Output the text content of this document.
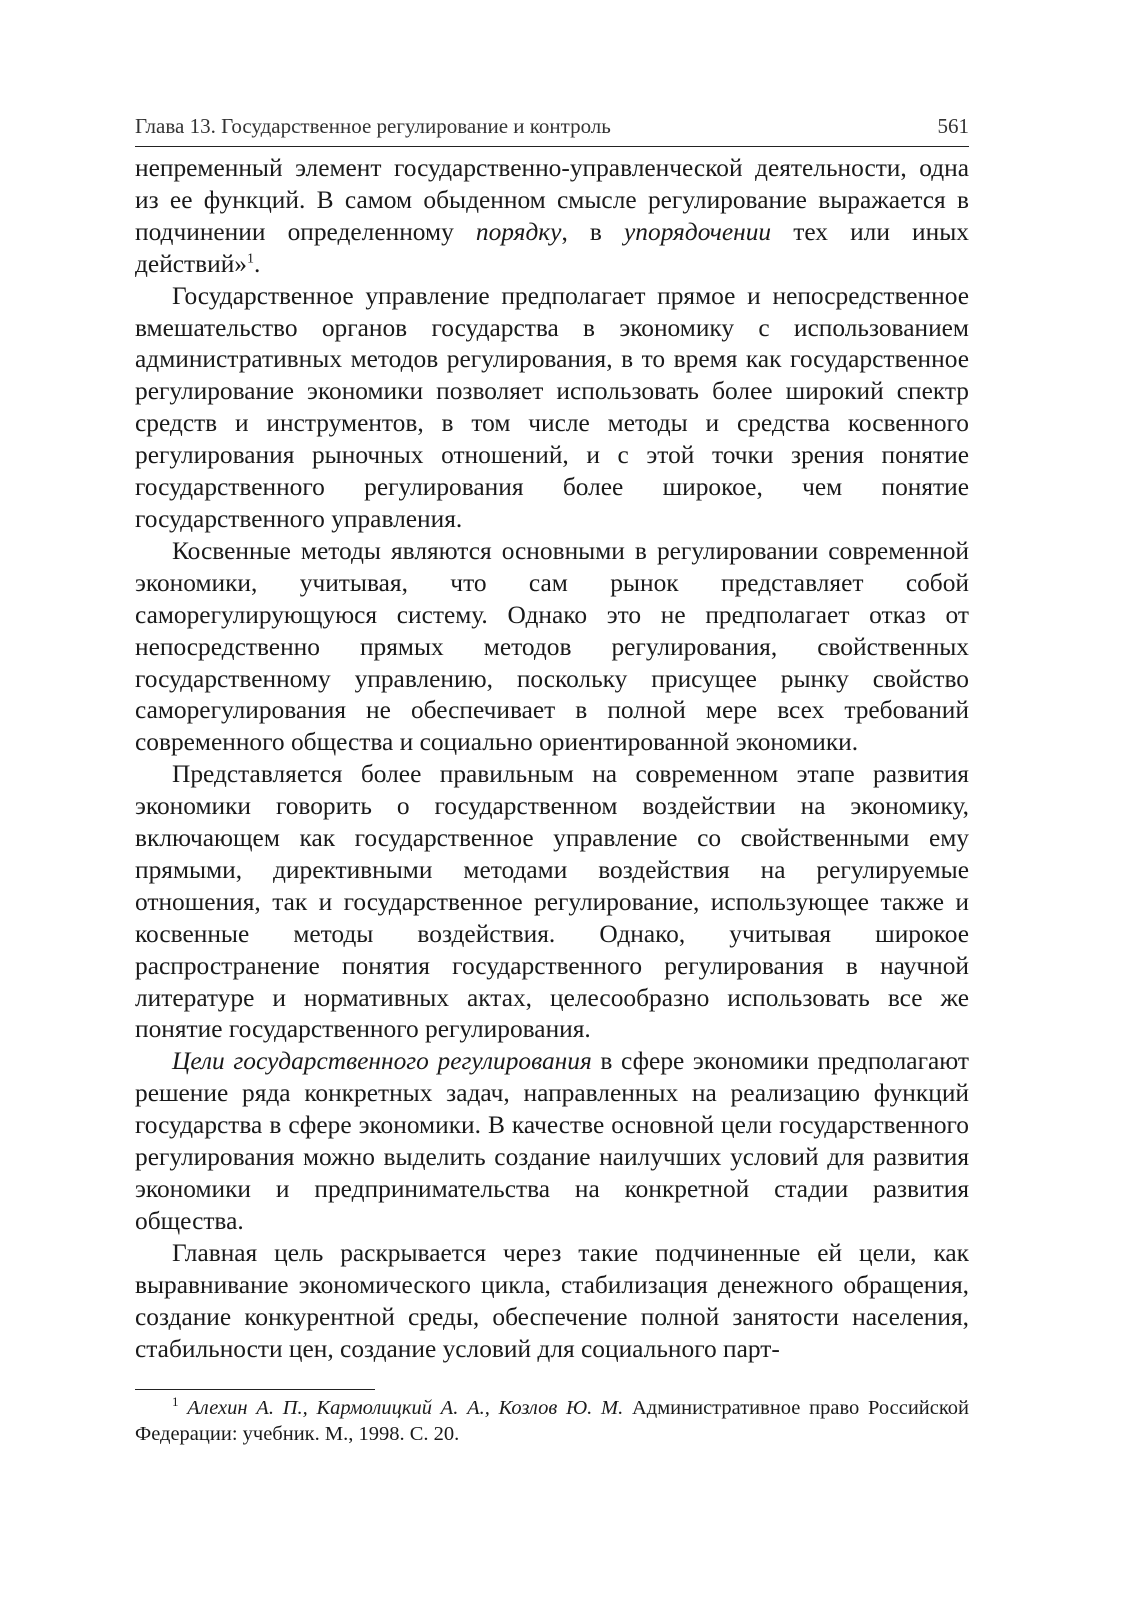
Глава 13. Государственное регулирование и контроль	561

непременный элемент государственно-управленческой деятельности, одна из ее функций. В самом обыденном смысле регулирование выражается в подчинении определенному порядку, в упорядочении тех или иных действий»$^1$.

Государственное управление предполагает прямое и непосредственное вмешательство органов государства в экономику с использованием административных методов регулирования, в то время как государственное регулирование экономики позволяет использовать более широкий спектр средств и инструментов, в том числе методы и средства косвенного регулирования рыночных отношений, и с этой точки зрения понятие государственного регулирования более широкое, чем понятие государственного управления.

Косвенные методы являются основными в регулировании современной экономики, учитывая, что сам рынок представляет собой саморегулирующуюся систему. Однако это не предполагает отказ от непосредственно прямых методов регулирования, свойственных государственному управлению, поскольку присущее рынку свойство саморегулирования не обеспечивает в полной мере всех требований современного общества и социально ориентированной экономики.

Представляется более правильным на современном этапе развития экономики говорить о государственном воздействии на экономику, включающем как государственное управление со свойственными ему прямыми, директивными методами воздействия на регулируемые отношения, так и государственное регулирование, использующее также и косвенные методы воздействия. Однако, учитывая широкое распространение понятия государственного регулирования в научной литературе и нормативных актах, целесообразно использовать все же понятие государственного регулирования.

Цели государственного регулирования в сфере экономики предполагают решение ряда конкретных задач, направленных на реализацию функций государства в сфере экономики. В качестве основной цели государственного регулирования можно выделить создание наилучших условий для развития экономики и предпринимательства на конкретной стадии развития общества.

Главная цель раскрывается через такие подчиненные ей цели, как выравнивание экономического цикла, стабилизация денежного обращения, создание конкурентной среды, обеспечение полной занятости населения, стабильности цен, создание условий для социального парт-

$^1$ Алехин А. П., Кармолицкий А. А., Козлов Ю. М. Административное право Российской Федерации: учебник. М., 1998. С. 20.
